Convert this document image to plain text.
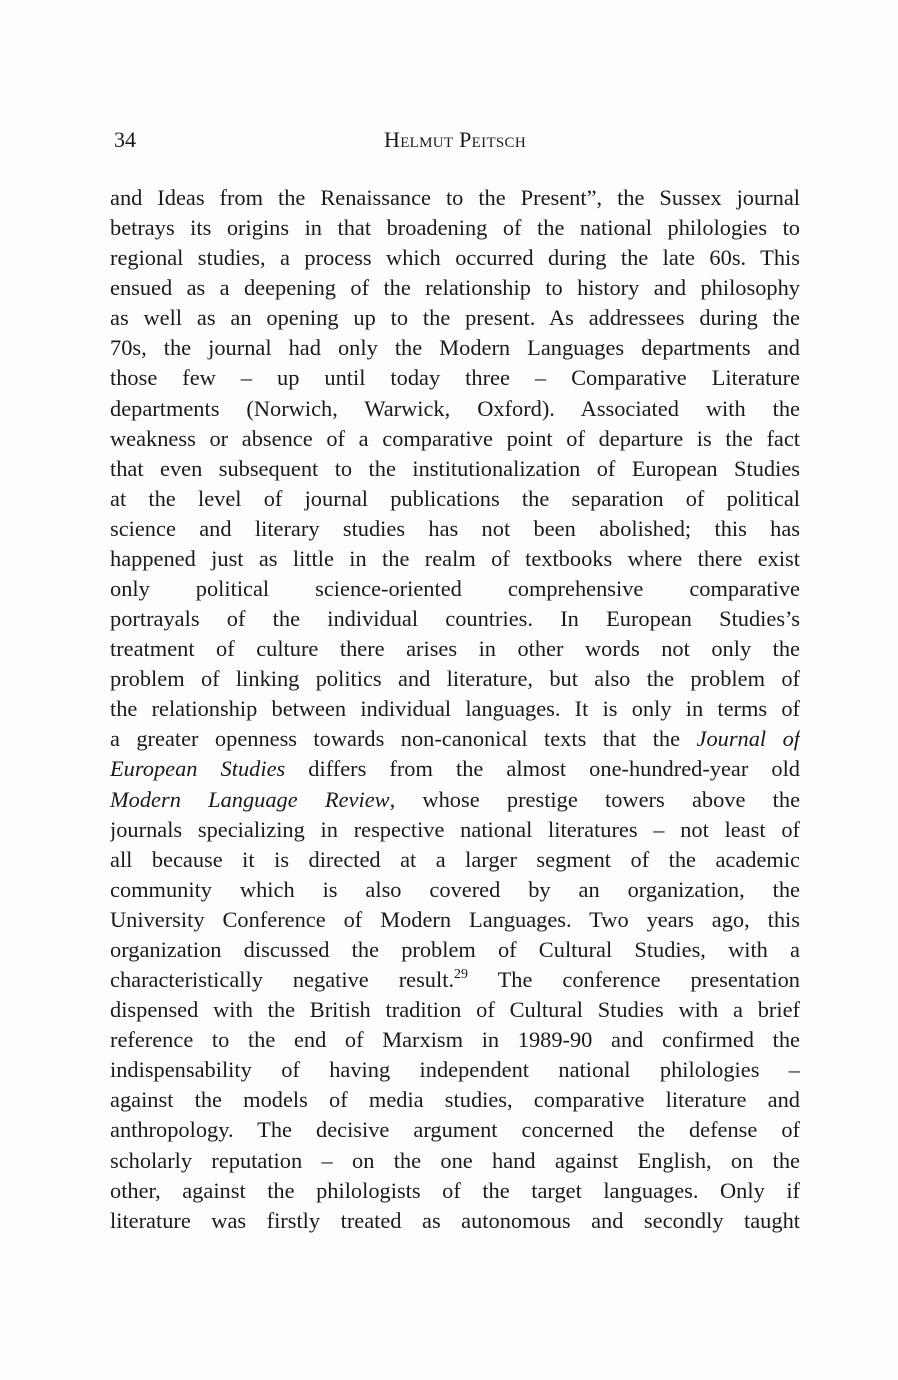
34	Helmut Peitsch
and Ideas from the Renaissance to the Present”, the Sussex journal
betrays its origins in that broadening of the national philologies to
regional studies, a process which occurred during the late 60s. This
ensued as a deepening of the relationship to history and philosophy
as well as an opening up to the present. As addressees during the
70s, the journal had only the Modern Languages departments and
those few – up until today three – Comparative Literature
departments (Norwich, Warwick, Oxford). Associated with the
weakness or absence of a comparative point of departure is the fact
that even subsequent to the institutionalization of European Studies
at the level of journal publications the separation of political
science and literary studies has not been abolished; this has
happened just as little in the realm of textbooks where there exist
only political science-oriented comprehensive comparative
portrayals of the individual countries. In European Studies’s
treatment of culture there arises in other words not only the
problem of linking politics and literature, but also the problem of
the relationship between individual languages. It is only in terms of
a greater openness towards non-canonical texts that the Journal of
European Studies differs from the almost one-hundred-year old
Modern Language Review, whose prestige towers above the
journals specializing in respective national literatures – not least of
all because it is directed at a larger segment of the academic
community which is also covered by an organization, the
University Conference of Modern Languages. Two years ago, this
organization discussed the problem of Cultural Studies, with a
characteristically negative result.$^{29}$ The conference presentation
dispensed with the British tradition of Cultural Studies with a brief
reference to the end of Marxism in 1989-90 and confirmed the
indispensability of having independent national philologies –
against the models of media studies, comparative literature and
anthropology. The decisive argument concerned the defense of
scholarly reputation – on the one hand against English, on the
other, against the philologists of the target languages. Only if
literature was firstly treated as autonomous and secondly taught
